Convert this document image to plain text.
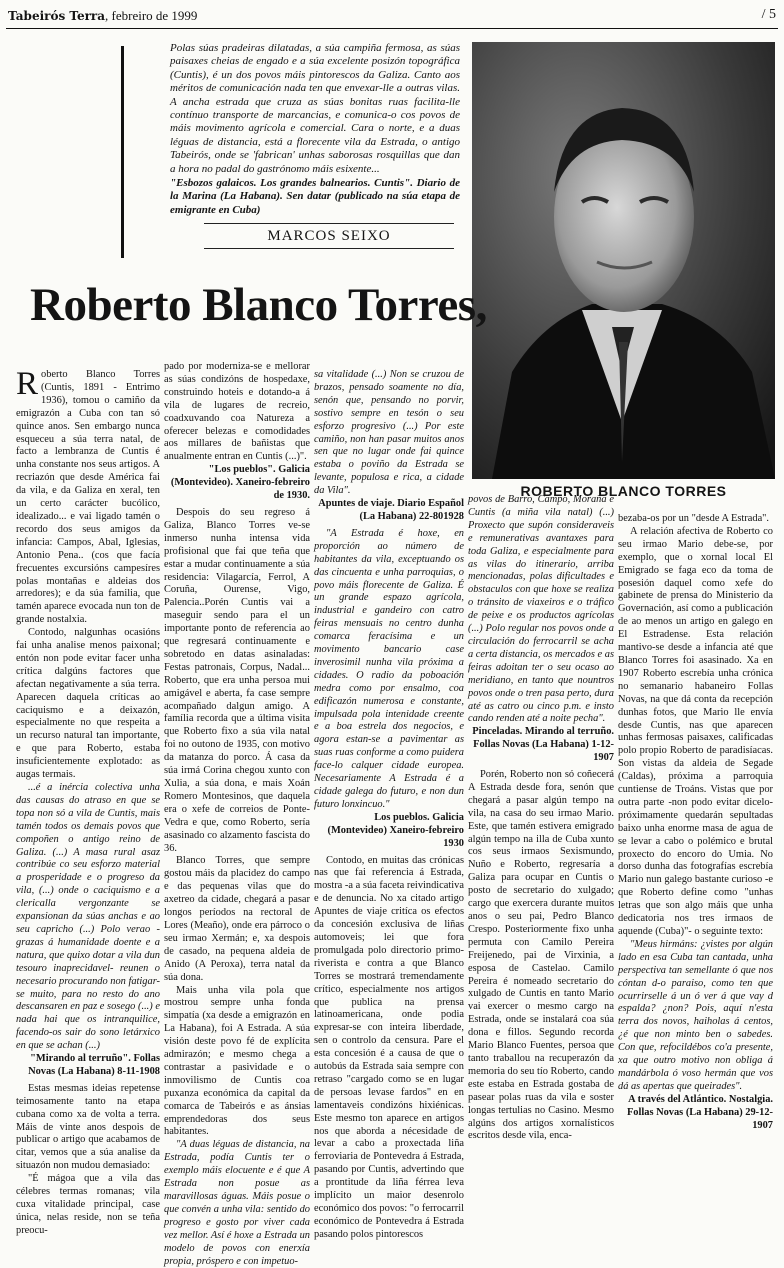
Tabeirós Terra, febreiro de 1999	/ 5

Polas súas pradeiras dilatadas, a súa campiña fermosa, as súas paisaxes cheias de engado e a súa excelente posizón topográfica (Cuntis), é un dos povos máis pintorescos da Galiza. Canto aos méritos de comunicación nada ten que envexar-lle a outras vilas. A ancha estrada que cruza as súas bonitas ruas facilita-lle contínuo transporte de marcancias, e comunica-o cos povos de máis movimento agrícola e comercial. Cara o norte, e a duas léguas de distancia, está a florecente vila da Estrada, o antigo Tabeirós, onde se 'fabrican' unhas saborosas rosquillas que dan a hora no padal do gastrónomo máis esixente...

"Esbozos galaicos. Los grandes balnearios. Cuntis". Diario de la Marina (La Habana). Sen datar (publicado na súa etapa de emigrante en Cuba)

MARCOS SEIXO
ROBERTO BLANCO TORRES
Roberto Blanco Torres,

Roberto Blanco Torres (Cuntis, 1891 - Entrimo 1936), tomou o camiño da emigrazón a Cuba con tan só quince anos. Sen embargo nunca esqueceu a súa terra natal, de facto a lembranza de Cuntis é unha constante nos seus artigos. A recriazón que desde América fai da vila, e da Galiza en xeral, ten un certo carácter bucólico, idealizado... e vai ligado tamén o recordo dos seus amigos da infancia: Campos, Abal, Iglesias, Antonio Pena.. (cos que facía frecuentes excursións campesíres polas montañas e aldeias dos arredores); e da súa familia, que tamén aparece evocada nun ton de grande nostalxia.

Contodo, nalgunhas ocasións fai unha analise menos paixonal; entón non pode evitar facer unha crítica dalgúns factores que afectan negativamente a súa terra. Aparecen daquela críticas ao caciquismo e a deixazón, especialmente no que respeita a un recurso natural tan importante, e que para Roberto, estaba insuficientemente explotado: as augas termais.

...é a inércia colectiva unha das causas do atraso en que se topa non só a vila de Cuntis, mais tamén todos os demais povos que compoñen o antigo reino de Galiza. (...) A masa rural asaz contribúe co seu esforzo material a prosperidade e o progreso da vila, (...) onde o caciquismo e a clericalla vergonzante se expansionan da súas anchas e ao seu capricho (...) Polo verao -grazas á humanidade doente e a natura, que quixo dotar a vila dun tesouro inaprecidavel- reunen o necesario procurando non fatigar-se muito, para no resto do ano descansaren en paz e sosego (...) e nada hai que os intranquilice, facendo-os sair do sono letárxico en que se achan (...)

"Mirando al terruño". Follas Novas (La Habana) 8-11-1908

Estas mesmas ideias repetense teimosamente tanto na etapa cubana como xa de volta a terra. Máis de vinte anos despois de publicar o artigo que acabamos de citar, vemos que a súa analise da situazón non mudou demasiado:

"É mágoa que a vila das célebres termas romanas; vila cuxa vitalidade principal, case única, nelas reside, non se teña preocu-

pado por moderniza-se e mellorar as súas condizóns de hospedaxe, construindo hoteis e dotando-a á vila de lugares de recreio, coadxuvando coa Natureza a oferecer belezas e comodidades aos millares de bañistas que anualmente entran en Cuntis (...)".

"Los pueblos". Galicia (Montevideo). Xaneiro-febreiro de 1930.

Despois do seu regreso á Galiza, Blanco Torres ve-se inmerso nunha intensa vida profisional que fai que teña que estar a mudar continuamente a súa residencia: Vilagarcía, Ferrol, A Coruña, Ourense, Vigo, Palencia..Porén Cuntis vai a maseguir sendo para el un importante ponto de referencia ao que regresará continuamente e sobretodo en datas asinaladas: Festas patronais, Corpus, Nadal... Roberto, que era unha persoa mui amigável e aberta, fa case sempre acompañado dalgun amigo. A família recorda que a última visita que Roberto fixo a súa vila natal foi no outono de 1935, con motivo da matanza do porco. Á casa da súa irmá Corina chegou xunto con Xuliа, a súa dona, e mais Xoán Romero Montesinos, que daquela era o xefe de correios de Ponte-Vedra e que, como Roberto, sería asasinado co alzamento fascista do 36.

Blanco Torres, que sempre gostou máis da placidez do campo e das pequenas vilas que do axetreo da cidade, chegará a pasar longos períodos na rectoral de Lores (Meaño), onde era párroco o seu irmao Xermán; e, xa despois de casado, na pequena aldeia de Anido (A Peroxa), terra natal da súa dona.

Mais unha vila pola que mostrou sempre unha fonda simpatía (xa desde a emigrazón en La Habana), foi A Estrada. A súa visión deste povo fé de explícita admirazón; e mesmo chega a contrastar a pasividade e o inmovilismo de Cuntis coa puxanza económica da capital da comarca de Tabeirós e as ánsias emprendedoras dos seus habitantes.

"A duas léguas de distancia, na Estrada, podía Cuntis ter o exemplo máis elocuente e é que A Estrada non posue as maravillosas águas. Máis posue o que convén a unha vila: sentido do progreso e gosto por viver cada vez mellor. Así é hoxe a Estrada un modelo de povos con enerxía propia, próspero e con impetuo-

sa vitalidade (...) Non se cruzou de brazos, pensado soamente no día, senón que, pensando no porvir, sostivo sempre en tesón o seu esforzo progresivo (...) Por este camiño, non han pasar muitos anos sen que no lugar onde fai quince estaba o poviño da Estrada se levante, populosa e rica, a cidade da Vila".

Apuntes de viaje. Diario Español (La Habana) 22-801928

"A Estrada é hoxe, en proporción ao número de habitantes da vila, exceptuando os das cincuenta e unha parroquias, o povo máis florecente de Galiza. É un grande espazo agrícola, industrial e gandeiro con catro feiras mensuais no centro dunha comarca feracísima e un movimento bancario case inverosimil nunha vila próxima a cidades. O radio da poboación medra como por ensalmo, coa edificazón numerosa e constante, impulsada pola intenidade creente e a boa estrela dos negocios, e agora estan-se a pavimentar as suas ruas conforme a como puidera face-lo calquer cidade europea. Necesariamente A Estrada é a cidade galega do futuro, e non dun futuro lonxincuo."

Los pueblos. Galicia (Montevideo) Xaneiro-febreiro 1930

Contodo, en muitas das crónicas nas que fai referencia á Estrada, mostra -a a súa faceta reivindicativa e de denuncia. No xa citado artigo Apuntes de viaje critíca os efectos da concesión exclusiva de liñas automoveis; lei que fora promulgada polo directorio primo-riverista e contra a que Blanco Torres se mostrará tremendamente crítico, especialmente nos artigos que publica na prensa latinoamericana, onde podia expresar-se con inteira liberdade, sen o controlo da censura. Pare el esta concesión é a causa de que o autobús da Estrada saia sempre con retraso "cargado como se en lugar de persoas levase fardos" en en lamentaveis condizóns hixiénicas. Este mesmo ton aparece en artigos nos que aborda a nécesidade de levar a cabo a proxectada liña ferroviaria de Pontevedra á Estrada, pasando por Cuntis, advertindo que a prontitude da liña férrea leva implícito un maior desenrolo económico dos povos: "o ferrocarril económico de Pontevedra á Estrada pasando polos pintorescos

povos de Barro, Campo, Moraña e Cuntis (a miña vila natal) (...) Proxecto que supón consideraveis e remunerativas avantaxes para toda Galiza, e especialmente para as vilas do itinerario, arriba mencionadas, polas dificultades e obstaculos con que hoxe se realiza o tránsito de viaxeiros e o tráfico de peixe e os productos agrícolas (...) Polo regular nos povos onde a circulación do ferrocarril se acha a certa distancia, os mercados e as feiras adoitan ter o seu ocaso ao meridiano, en tanto que nountros povos onde o tren pasa pertо, dura até as catro ou cinco p.m. e insto cando renden até a noite pecha".

Pinceladas. Mirando al terruño. Follas Novas (La Habana) 1-12-1907

Porén, Roberto non só coñecerá A Estrada desde fora, senón que chegará a pasar algún tempo na vila, na casa do seu irmao Mario. Este, que tamén estivera emigrado algún tempo na illa de Cuba xunto cos seus irmaos Sexismundo, Nuño e Roberto, regresaría a Galiza para ocupar en Cuntis o posto de secretario do xulgado; cargo que exercera durante muitos anos o seu pai, Pedro Blanco Crespo. Posteriormente fixo unha permuta con Camilo Pereira Freijenedo, pai de Virxinia, a esposa de Castelao. Camilo Pereira é nomeado secretario do xulgado de Cuntis en tanto Mario vai exercer o mesmo cargo na Estrada, onde se instalará coa súa dona e fillos. Segundo recorda Mario Blanco Fuentes, persoa que tanto traballou na recuperazón da memoria do seu tío Roberto, cando este estaba en Estrada gostaba de pasear polas ruas da vila e soster longas tertulias no Casino. Mesmo algúns dos artigos xornalísticos escritos desde vila, enca-

bezaba-os por un "desde A Estrada".

A relación afectiva de Roberto co seu irmao Mario debe-se, por exemplo, que o xornal local El Emigrado se faga eco da toma de posesión daquel como xefe do gabinete de prensa do Ministerio da Governación, así como a publicación de ao menos un artigo en galego en El Estradense. Esta relación mantivo-se desde a infancia até que Blanco Torres foi asasinado. Xa en 1907 Roberto escrebía unha crónica no semanario habaneiro Follas Novas, na que dá conta da recepción dunhas fotos, que Mario lle envía desde Cuntis, nas que aparecen unhas fermosas paisaxes, calificadas polo propio Roberto de paradisíacas. Son vistas da aldeia de Segade (Caldas), próxima a parroquia cuntiense de Troáns. Vistas que por outra parte -non podo evitar dicelo- próximamente quedarán sepultadas baixo unha enorme masa de agua de se levar a cabo o polémico e brutal proxecto do encoro do Umia. No dorso dunha das fotografías escrebía Mario nun galego bastante curioso -e que Roberto define como "unhas letras que son algo máis que unha dedicatoria nos tres irmaos de aquende (Cuba)"- o seguinte texto:

"Meus hirmáns: ¿vistes por algún lado en esa Cuba tan cantada, unha perspectiva tan semellante ó que nos cóntan d-o paraiso, como ten que ocurrirselle á un ó ver á que vay d espalda? ¿non? Pois, aquí n'esta terra dos novos, haiholas á centos, ¿é que non minto ben o sabedes. Con que, refocildébos co'a presente, xa que outro motivo non obliga á mandárbola ó voso hermán que vos dá as apertas que queirades".

A través del Atlántico. Nostalgia. Follas Novas (La Habana) 29-12-1907
